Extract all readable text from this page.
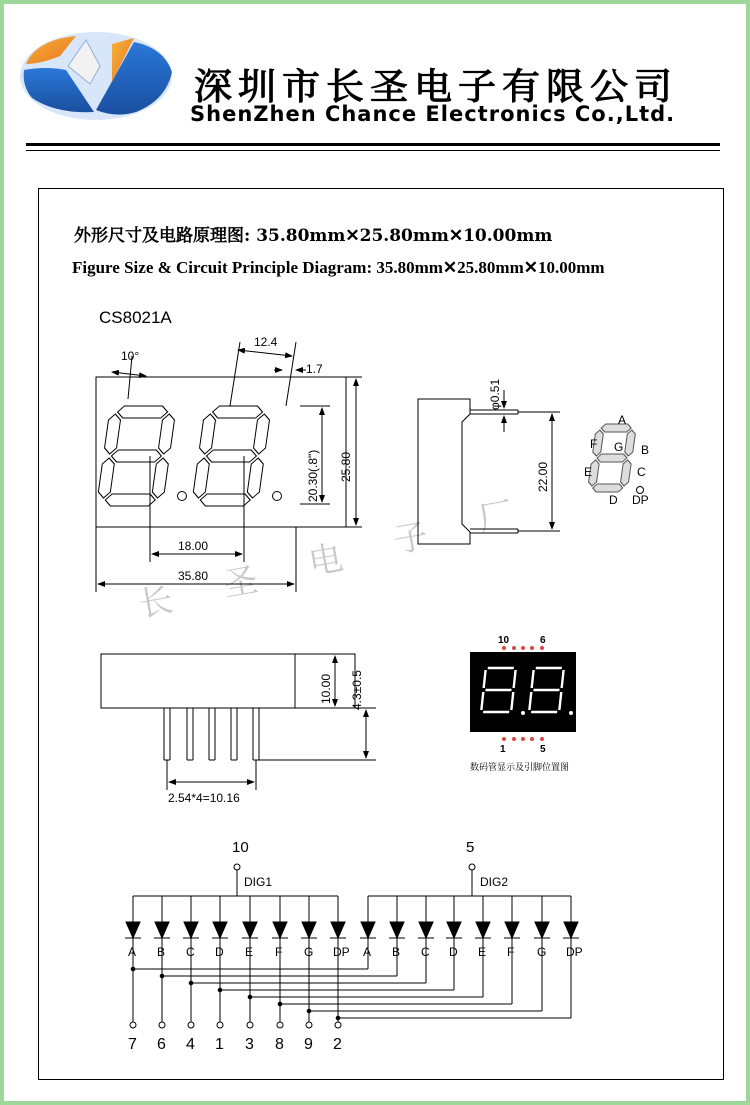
深圳市长圣电子有限公司
ShenZhen Chance Electronics Co.,Ltd.
外形尺寸及电路原理图: 35.80mm✕25.80mm✕10.00mm
Figure Size & Circuit Principle Diagram: 35.80mm✕25.80mm✕10.00mm
CS8021A
长 圣 电 子 厂
10°
12.4
1.7
20.30(.8") 25.80
18.00
35.80
φ0.51
22.00
A
B
C
D
E
F G
DP
10.00 4.3±0.5
2.54*4=10.16
10	6
1	5
数码管显示及引脚位置图
10
DIG1
5
DIG2
A B C D E F G DP A B C D E F G DP
7 6 4 1 3 8 9 2
